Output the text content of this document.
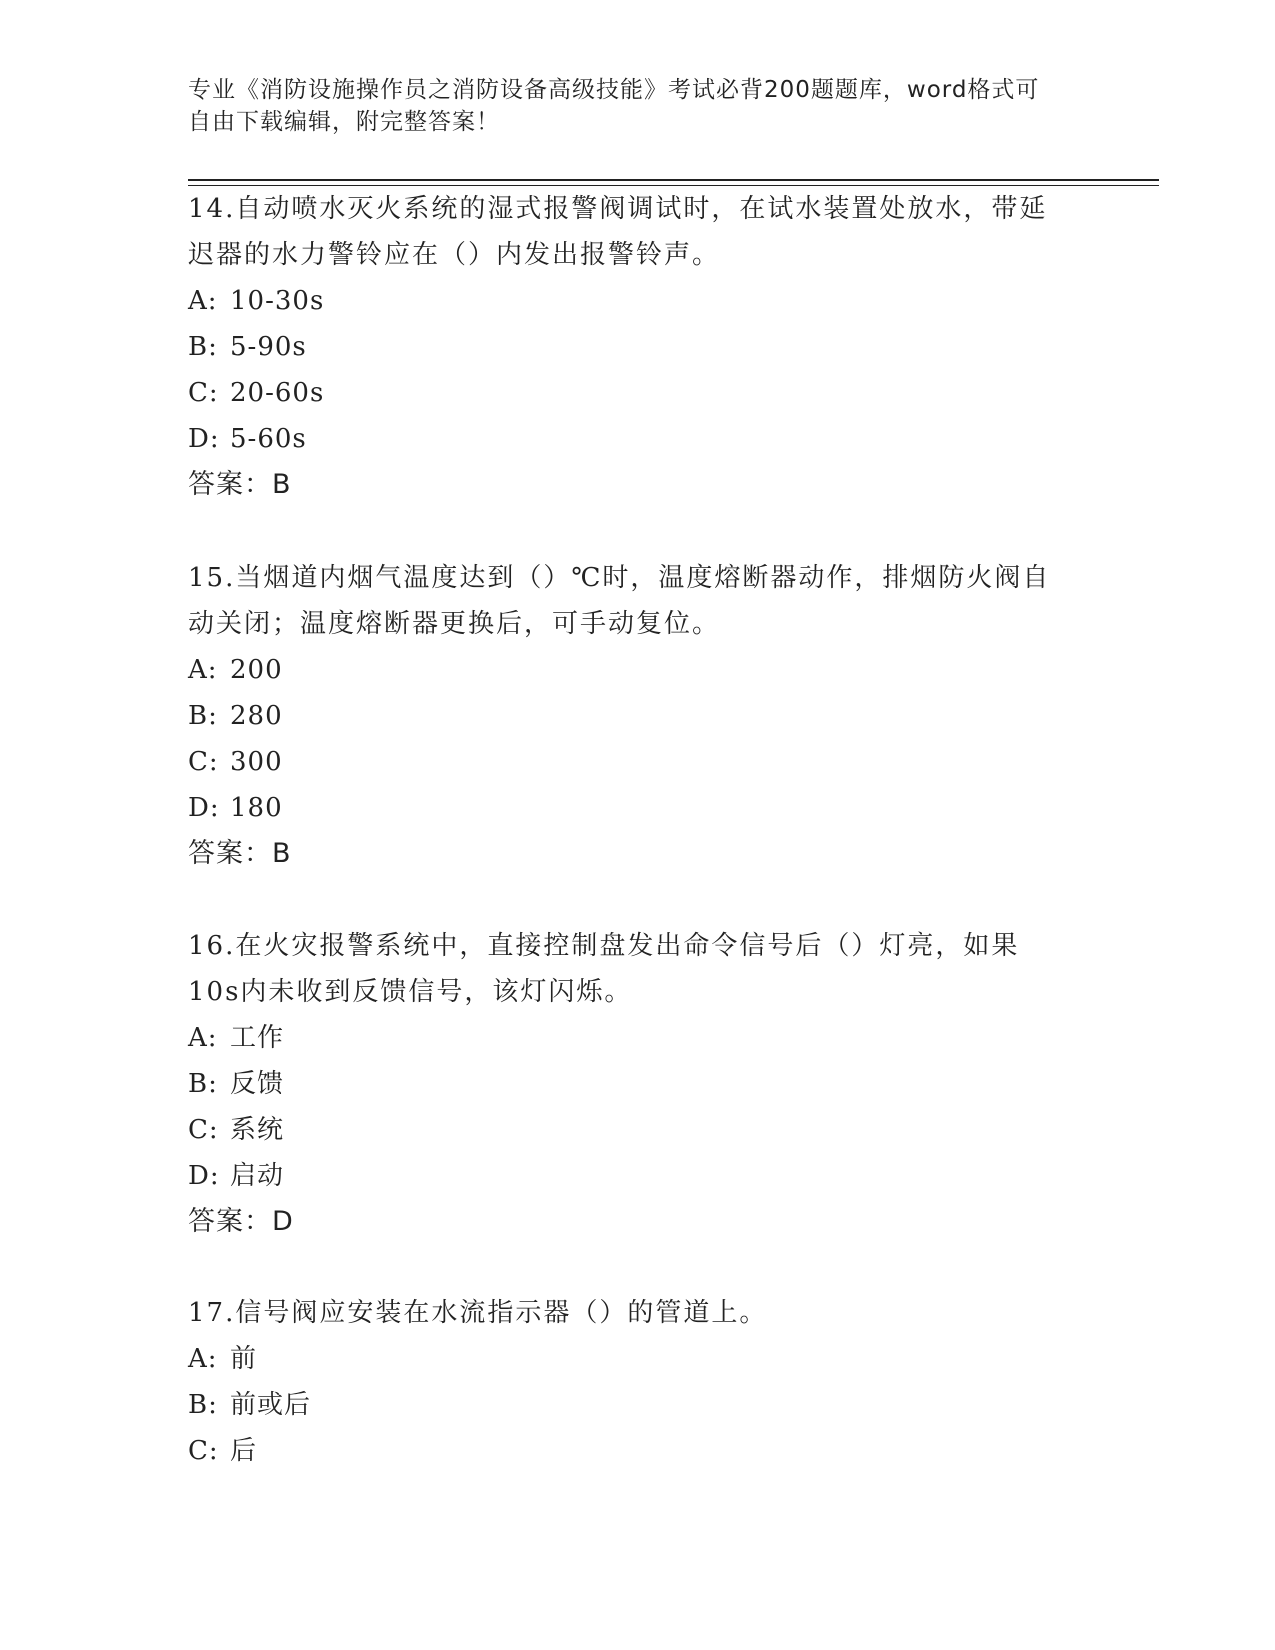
专业《消防设施操作员之消防设备高级技能》考试必背200题题库，word格式可
自由下载编辑，附完整答案！
14.自动喷水灭火系统的湿式报警阀调试时，在试水装置处放水，带延
迟器的水力警铃应在（）内发出报警铃声。
A: 10-30s
B: 5-90s
C: 20-60s
D: 5-60s
答案：B
15.当烟道内烟气温度达到（）℃时，温度熔断器动作，排烟防火阀自
动关闭；温度熔断器更换后，可手动复位。
A: 200
B: 280
C: 300
D: 180
答案：B
16.在火灾报警系统中，直接控制盘发出命令信号后（）灯亮，如果
10s内未收到反馈信号，该灯闪烁。
A: 工作
B: 反馈
C: 系统
D: 启动
答案：D
17.信号阀应安装在水流指示器（）的管道上。
A: 前
B: 前或后
C: 后
